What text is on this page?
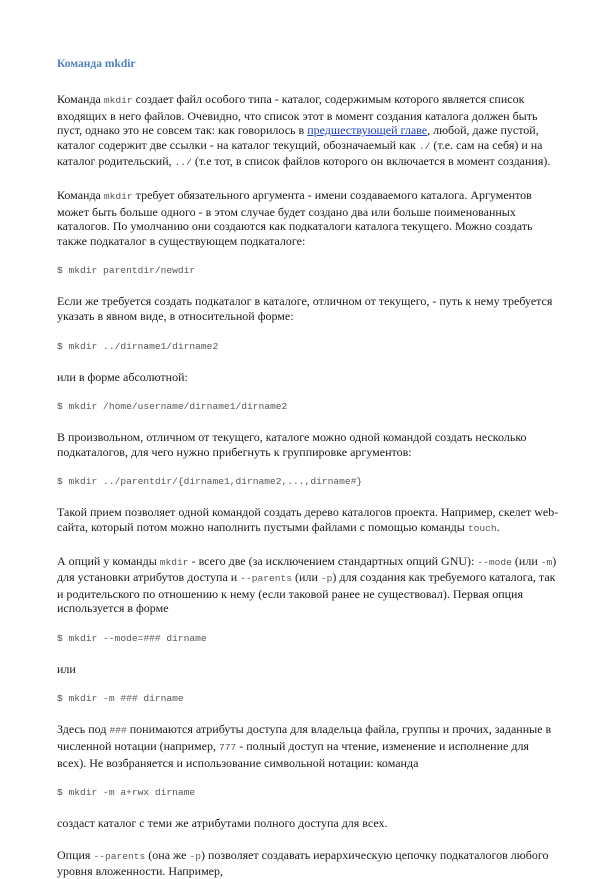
Команда mkdir

Команда mkdir создает файл особого типа - каталог, содержимым которого является список входящих в него файлов. Очевидно, что список этот в момент создания каталога должен быть пуст, однако это не совсем так: как говорилось в предшествующей главе, любой, даже пустой, каталог содержит две ссылки - на каталог текущий, обозначаемый как ./ (т.е. сам на себя) и на каталог родительский, ../ (т.е тот, в список файлов которого он включается в момент создания).

Команда mkdir требует обязательного аргумента - имени создаваемого каталога. Аргументов может быть больше одного - в этом случае будет создано два или больше поименованных каталогов. По умолчанию они создаются как подкаталоги каталога текущего. Можно создать также подкаталог в существующем подкаталоге:

$ mkdir parentdir/newdir

Если же требуется создать подкаталог в каталоге, отличном от текущего, - путь к нему требуется указать в явном виде, в относительной форме:

$ mkdir ../dirname1/dirname2

или в форме абсолютной:

$ mkdir /home/username/dirname1/dirname2

В произвольном, отличном от текущего, каталоге можно одной командой создать несколько подкаталогов, для чего нужно прибегнуть к группировке аргументов:

$ mkdir ../parentdir/{dirname1,dirname2,...,dirname#}

Такой прием позволяет одной командой создать дерево каталогов проекта. Например, скелет web-сайта, который потом можно наполнить пустыми файлами с помощью команды touch.

А опций у команды mkdir - всего две (за исключением стандартных опций GNU): --mode (или -m) для установки атрибутов доступа и --parents (или -p) для создания как требуемого каталога, так и родительского по отношению к нему (если таковой ранее не существовал). Первая опция используется в форме

$ mkdir --mode=### dirname

или

$ mkdir -m ### dirname

Здесь под ### понимаются атрибуты доступа для владельца файла, группы и прочих, заданные в численной нотации (например, 777 - полный доступ на чтение, изменение и исполнение для всех). Не возбраняется и использование символьной нотации: команда

$ mkdir -m a+rwx dirname

создаст каталог с теми же атрибутами полного доступа для всех.

Опция --parents (она же -p) позволяет создавать иерархическую цепочку подкаталогов любого уровня вложенности. Например,
